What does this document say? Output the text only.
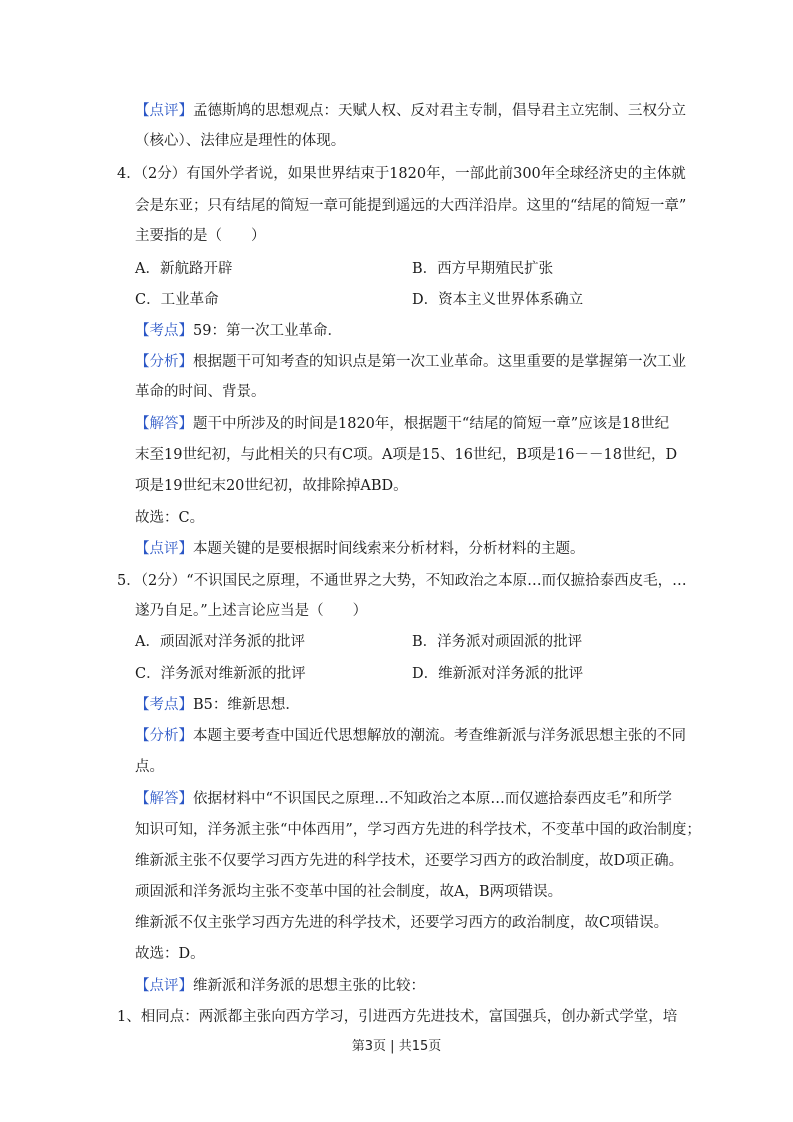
【点评】孟德斯鸠的思想观点：天赋人权、反对君主专制，倡导君主立宪制、三权分立
（核心）、法律应是理性的体现。
4．（2分）有国外学者说，如果世界结束于1820年，一部此前300年全球经济史的主体就
会是东亚；只有结尾的简短一章可能提到遥远的大西洋沿岸。这里的“结尾的简短一章”
主要指的是（　　）
A．新航路开辟	B．西方早期殖民扩张
C．工业革命	D．资本主义世界体系确立
【考点】59：第一次工业革命．
【分析】根据题干可知考查的知识点是第一次工业革命。这里重要的是掌握第一次工业
革命的时间、背景。
【解答】题干中所涉及的时间是1820年，根据题干“结尾的简短一章”应该是18世纪
末至19世纪初，与此相关的只有C项。A项是15、16世纪，B项是16－－18世纪，D
项是19世纪末20世纪初，故排除掉ABD。
故选：C。
【点评】本题关键的是要根据时间线索来分析材料，分析材料的主题。
5．（2分）“不识国民之原理，不通世界之大势，不知政治之本原…而仅摭拾泰西皮毛，…
遂乃自足。”上述言论应当是（　　）
A．顽固派对洋务派的批评	B．洋务派对顽固派的批评
C．洋务派对维新派的批评	D．维新派对洋务派的批评
【考点】B5：维新思想．
【分析】本题主要考查中国近代思想解放的潮流。考查维新派与洋务派思想主张的不同
点。
【解答】依据材料中“不识国民之原理…不知政治之本原…而仅遮拾泰西皮毛”和所学
知识可知，洋务派主张“中体西用”，学习西方先进的科学技术，不变革中国的政治制度；
维新派主张不仅要学习西方先进的科学技术，还要学习西方的政治制度，故D项正确。
顽固派和洋务派均主张不变革中国的社会制度，故A，B两项错误。
维新派不仅主张学习西方先进的科学技术，还要学习西方的政治制度，故C项错误。
故选：D。
【点评】维新派和洋务派的思想主张的比较：
1、相同点：两派都主张向西方学习，引进西方先进技术，富国强兵，创办新式学堂，培
第3页 | 共15页
